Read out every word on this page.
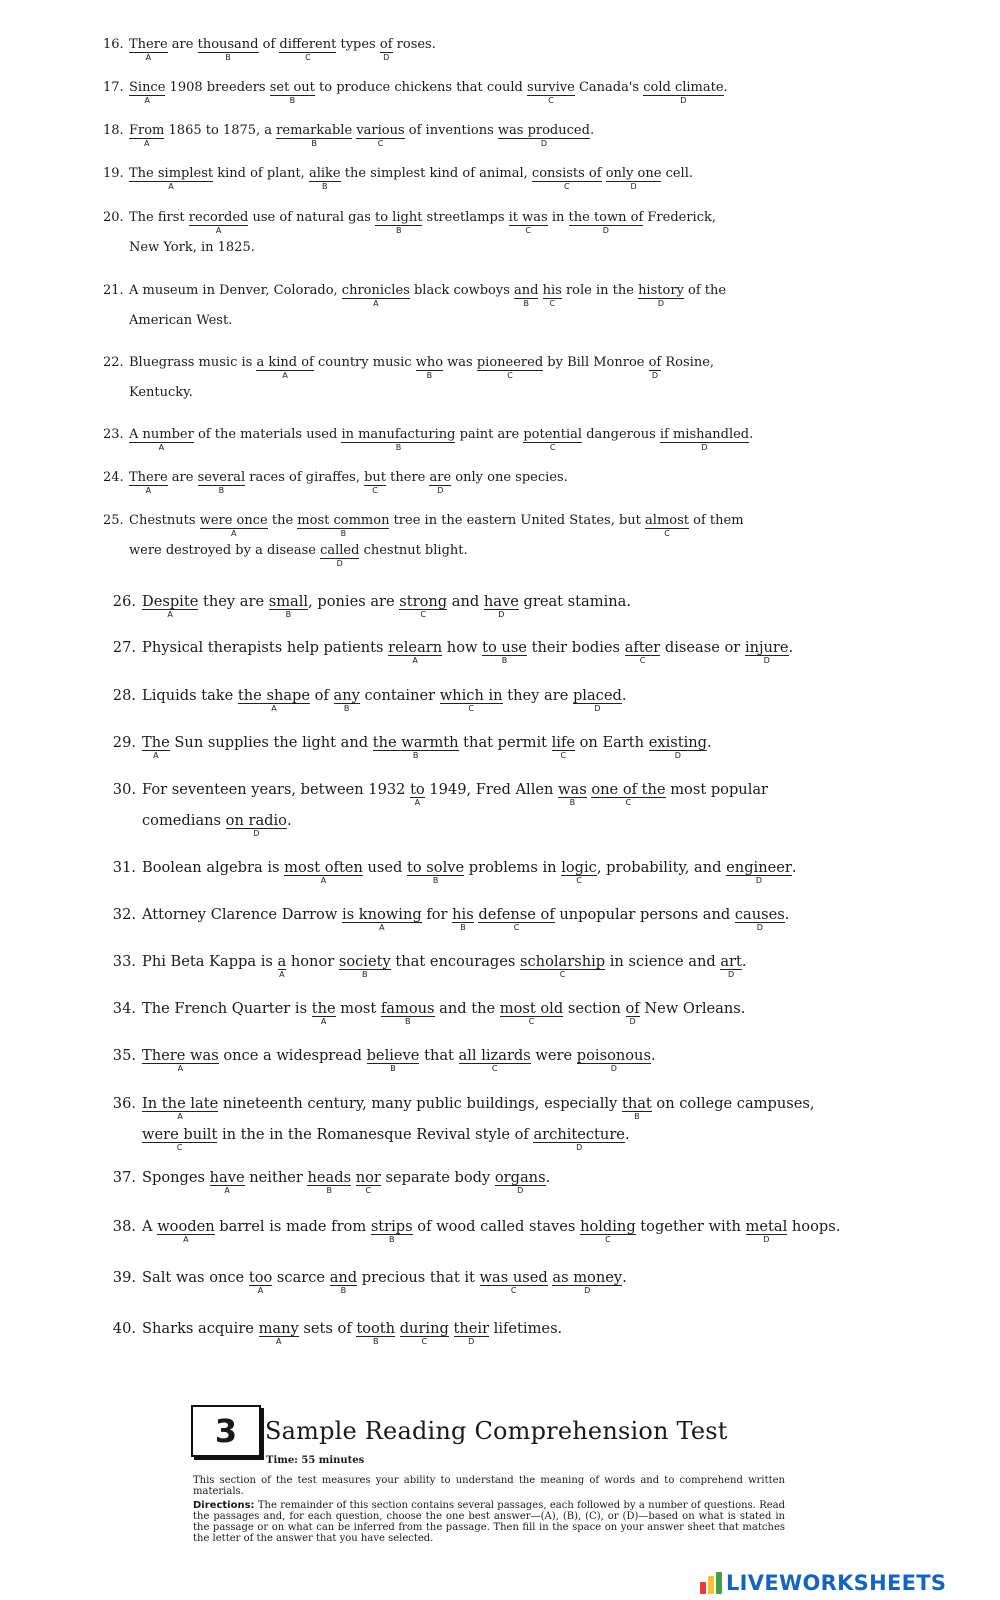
16. There
A
are thousand
B
of different
C
types of
D
roses.
17. Since
A
1908 breeders set out
B
to produce chickens that could survive
C
Canada's cold climate
D
.
18. From
A
1865 to 1875, a remarkable
B
various
C
of inventions was produced
D
.
19. The simplest
A
kind of plant, alike
B
the simplest kind of animal, consists of
C
only one
D
cell.
20. The first recorded
A
use of natural gas to light
B
streetlamps it was
C
in the town of
D
Frederick,
New York, in 1825.
21. A museum in Denver, Colorado, chronicles
A
black cowboys and
B
his
C
role in the history
D
of the
American West.
22. Bluegrass music is a kind of
A
country music who
B
was pioneered
C
by Bill Monroe of
D
Rosine,
Kentucky.
23. A number
A
of the materials used in manufacturing
B
paint are potential
C
dangerous if mishandled
D
.
24. There
A
are several
B
races of giraffes, but
C
there are
D
only one species.
25. Chestnuts were once
A
the most common
B
tree in the eastern United States, but almost
C
of them
were destroyed by a disease called
D
chestnut blight.
26. Despite
A
they are small
B
, ponies are strong
C
and have
D
great stamina.
27. Physical therapists help patients relearn
A
how to use
B
their bodies after
C
disease or injure
D
.
28. Liquids take the shape
A
of any
B
container which in
C
they are placed
D
.
29. The
A
Sun supplies the light and the warmth
B
that permit life
C
on Earth existing
D
.
30. For seventeen years, between 1932 to
A
1949, Fred Allen was
B
one of the
C
most popular
comedians on radio
D
.
31. Boolean algebra is most often
A
used to solve
B
problems in logic
C
, probability, and engineer
D
.
32. Attorney Clarence Darrow is knowing
A
for his
B
defense of
C
unpopular persons and causes
D
.
33. Phi Beta Kappa is a
A
honor society
B
that encourages scholarship
C
in science and art
D
.
34. The French Quarter is the
A
most famous
B
and the most old
C
section of
D
New Orleans.
35. There was
A
once a widespread believe
B
that all lizards
C
were poisonous
D
.
36. In the late
A
nineteenth century, many public buildings, especially that
B
on college campuses,
were built
C
in the in the Romanesque Revival style of architecture
D
.
37. Sponges have
A
neither heads
B
nor
C
separate body organs
D
.
38. A wooden
A
barrel is made from strips
B
of wood called staves holding
C
together with metal
D
hoops.
39. Salt was once too
A
scarce and
B
precious that it was used
C
as money
D
.
40. Sharks acquire many
A
sets of tooth
B
during
C
their
D
lifetimes.
3 Sample Reading Comprehension Test
Time: 55 minutes
This section of the test measures your ability to understand the meaning of words and to comprehend written materials.
Directions: The remainder of this section contains several passages, each followed by a number of questions. Read the passages and, for each question, choose the one best answer—(A), (B), (C), or (D)—based on what is stated in the passage or on what can be inferred from the passage. Then fill in the space on your answer sheet that matches the letter of the answer that you have selected.
LIVEWORKSHEETS
